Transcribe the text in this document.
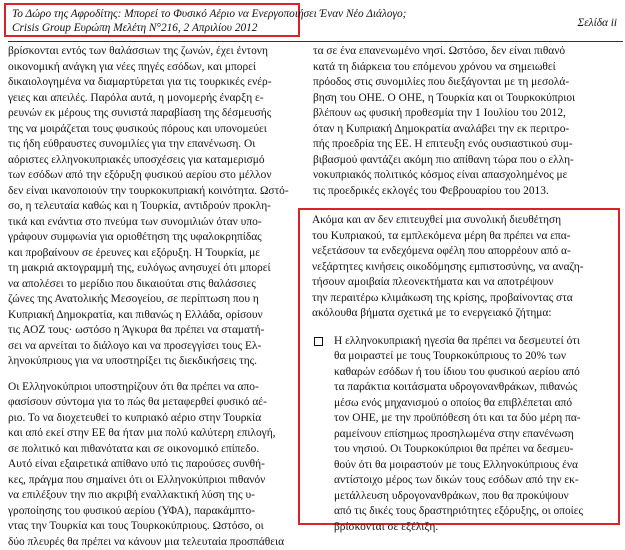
Το Δώρο της Αφροδίτης: Μπορεί το Φυσικό Αέριο να Ενεργοποιήσει Έναν Νέο Διάλογο;
Crisis Group Ευρώπη Μελέτη N°216, 2 Απριλίου 2012	Σελίδα ii
βρίσκονται εντός των θαλάσσιων της ζωνών, έχει έντονη
οικονομική ανάγκη για νέες πηγές εσόδων, και μπορεί
δικαιολογημένα να διαμαρτύρεται για τις τουρκικές ενέρ-
γειες και απειλές. Παρόλα αυτά, η μονομερής έναρξη ε-
ρευνών εκ μέρους της συνιστά παραβίαση της δέσμευσής
της να μοιράζεται τους φυσικούς πόρους και υπονομεύει
τις ήδη εύθραυστες συνομιλίες για την επανένωση. Οι
αόριστες ελληνοκυπριακές υποσχέσεις για καταμερισμό
των εσόδων από την εξόρυξη φυσικού αερίου στο μέλλον
δεν είναι ικανοποιούν την τουρκοκυπριακή κοινότητα. Ωστό-
σο, η τελευταία καθώς και η Τουρκία, αντιδρούν προκλη-
τικά και ενάντια στο πνεύμα των συνομιλιών όταν υπο-
γράφουν συμφωνία για οριοθέτηση της υφαλοκρηπίδας
και προβαίνουν σε έρευνες και εξόρυξη. Η Τουρκία, με
τη μακριά ακτογραμμή της, ευλόγως ανησυχεί ότι μπορεί
να απολέσει το μερίδιο που δικαιούται στις θαλάσσιες
ζώνες της Ανατολικής Μεσογείου, σε περίπτωση που η
Κυπριακή Δημοκρατία, και πιθανώς η Ελλάδα, ορίσουν
τις ΑΟΖ τους· ωστόσο η Άγκυρα θα πρέπει να σταματή-
σει να αρνείται το διάλογο και να προσεγγίσει τους Ελ-
ληνοκύπριους για να υποστηρίξει τις διεκδικήσεις της.
Οι Ελληνοκύπριοι υποστηρίζουν ότι θα πρέπει να απο-
φασίσουν σύντομα για το πώς θα μεταφερθεί φυσικό αέ-
ριο. Το να διοχετευθεί το κυπριακό αέριο στην Τουρκία
και από εκεί στην ΕΕ θα ήταν μια πολύ καλύτερη επιλογή,
σε πολιτικό και πιθανότατα και σε οικονομικό επίπεδο.
Αυτό είναι εξαιρετικά απίθανο υπό τις παρούσες συνθή-
κες, πράγμα που σημαίνει ότι οι Ελληνοκύπριοι πιθανόν
να επιλέξουν την πιο ακριβή εναλλακτική λύση της υ-
γροποίησης του φυσικού αερίου (ΥΦΑ), παρακάμπτο-
ντας την Τουρκία και τους Τουρκοκύπριους. Ωστόσο, οι
δύο πλευρές θα πρέπει να κάνουν μια τελευταία προσπάθεια
τα σε ένα επανενωμένο νησί. Ωστόσο, δεν είναι πιθανό
κατά τη διάρκεια του επόμενου χρόνου να σημειωθεί
πρόοδος στις συνομιλίες που διεξάγονται με τη μεσολά-
βηση του ΟΗΕ. Ο ΟΗΕ, η Τουρκία και οι Τουρκοκύπριοι
βλέπουν ως φυσική προθεσμία την 1 Ιουλίου του 2012,
όταν η Κυπριακή Δημοκρατία αναλάβει την εκ περιτρο-
πής προεδρία της ΕΕ. Η επιτευξη ενός ουσιαστικού συμ-
βιβασμού φαντάζει ακόμη πιο απίθανη τώρα που ο ελλη-
νοκυπριακός πολιτικός κόσμος είναι απασχολημένος με
τις προεδρικές εκλογές του Φεβρουαρίου του 2013.
Ακόμα και αν δεν επιτευχθεί μια συνολική διευθέτηση
του Κυπριακού, τα εμπλεκόμενα μέρη θα πρέπει να επα-
νεξετάσουν τα ενδεχόμενα οφέλη που απορρέουν από α-
νεξάρτητες κινήσεις οικοδόμησης εμπιστοσύνης, να αναζη-
τήσουν αμοιβαία πλεονεκτήματα και να αποτρέψουν
την περαιτέρω κλιμάκωση της κρίσης, προβαίνοντας στα
ακόλουθα βήματα σχετικά με το ενεργειακό ζήτημα:
Η ελληνοκυπριακή ηγεσία θα πρέπει να δεσμευτεί ότι
θα μοιραστεί με τους Τουρκοκύπριους το 20% των
καθαρών εσόδων ή του ίδιου του φυσικού αερίου από
τα παράκτια κοιτάσματα υδρογονανθράκων, πιθανώς
μέσω ενός μηχανισμού ο οποίος θα επιβλέπεται από
τον ΟΗΕ, με την προϋπόθεση ότι και τα δύο μέρη πα-
ραμείνουν επίσημως προσηλωμένα στην επανένωση
του νησιού. Οι Τουρκοκύπριοι θα πρέπει να δεσμευ-
θούν ότι θα μοιραστούν με τους Ελληνοκύπριους ένα
αντίστοιχο μέρος των δικών τους εσόδων από την εκ-
μετάλλευση υδρογονανθράκων, που θα προκύψουν
από τις δικές τους δραστηριότητες εξόρυξης, οι οποίες
βρίσκονται σε εξέλιξη.
